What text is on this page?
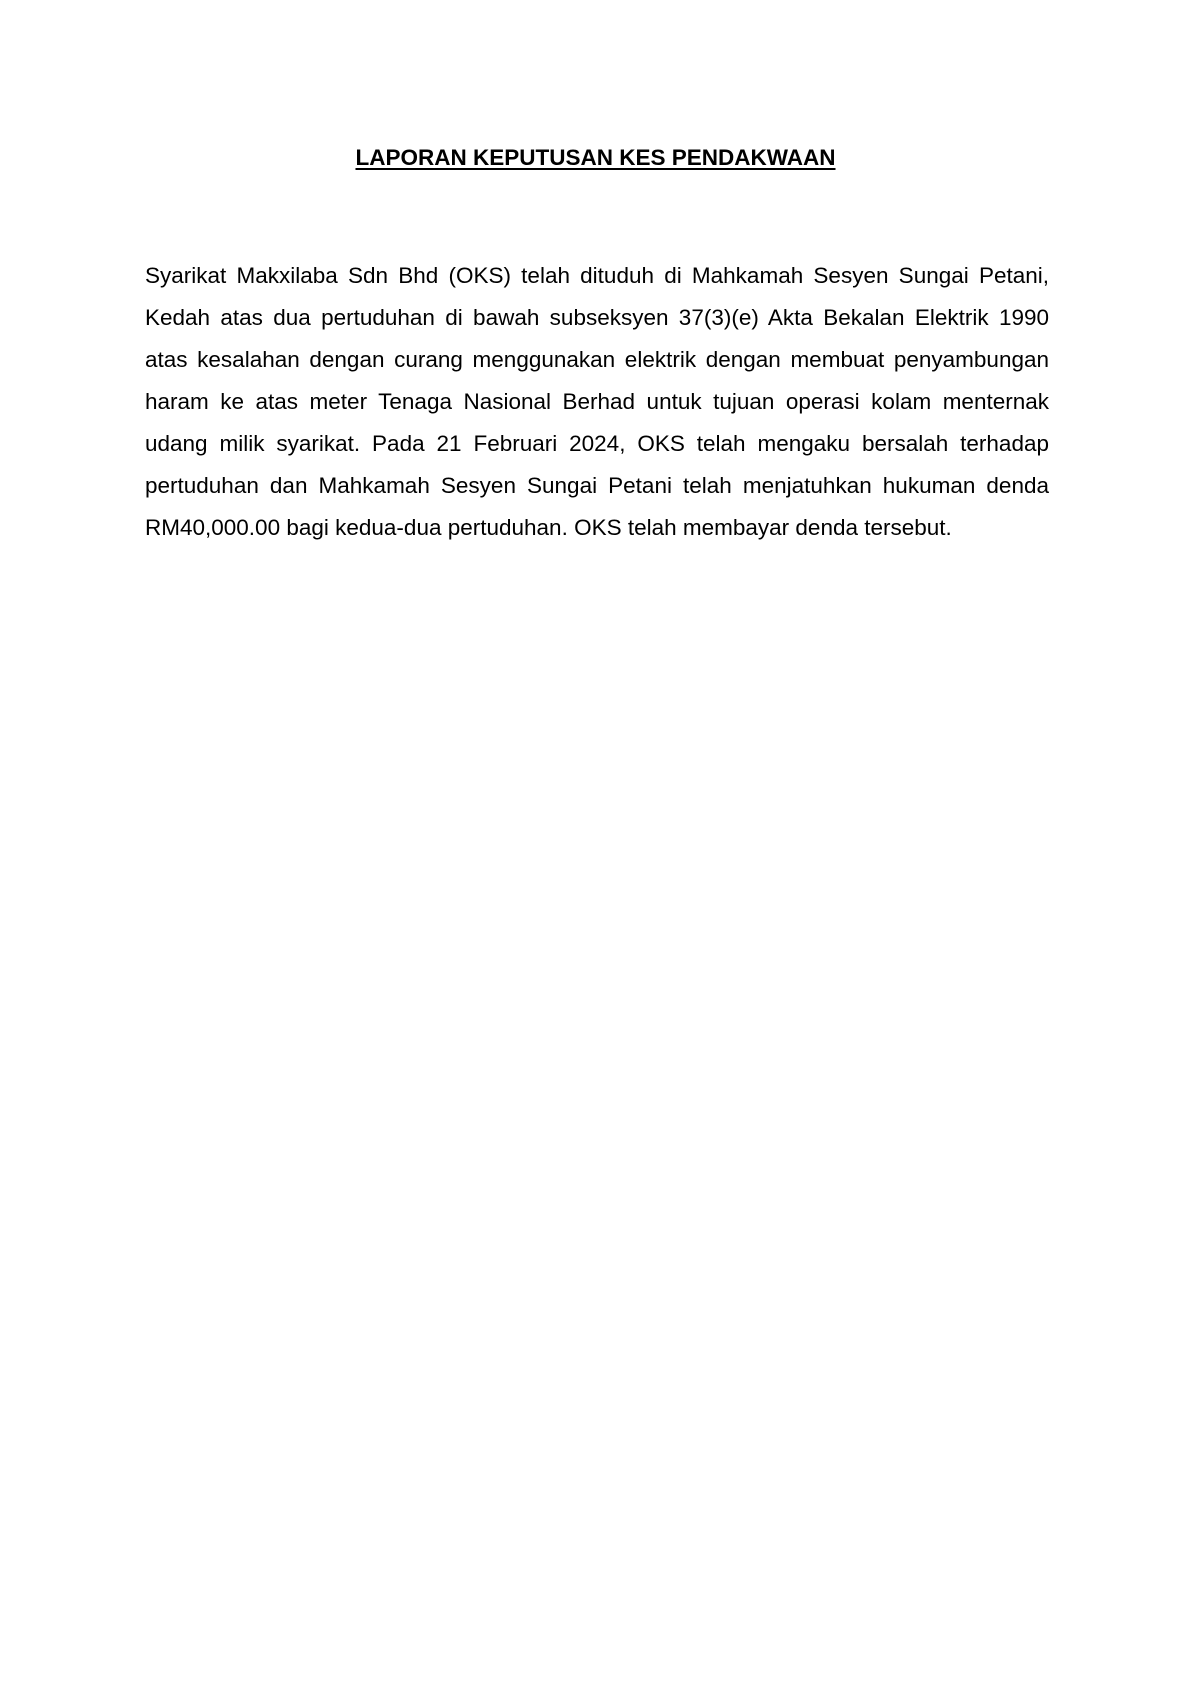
LAPORAN KEPUTUSAN KES PENDAKWAAN

Syarikat Makxilaba Sdn Bhd (OKS) telah dituduh di Mahkamah Sesyen Sungai Petani, Kedah atas dua pertuduhan di bawah subseksyen 37(3)(e) Akta Bekalan Elektrik 1990 atas kesalahan dengan curang menggunakan elektrik dengan membuat penyambungan haram ke atas meter Tenaga Nasional Berhad untuk tujuan operasi kolam menternak udang milik syarikat. Pada 21 Februari 2024, OKS telah mengaku bersalah terhadap pertuduhan dan Mahkamah Sesyen Sungai Petani telah menjatuhkan hukuman denda RM40,000.00 bagi kedua-dua pertuduhan. OKS telah membayar denda tersebut.
